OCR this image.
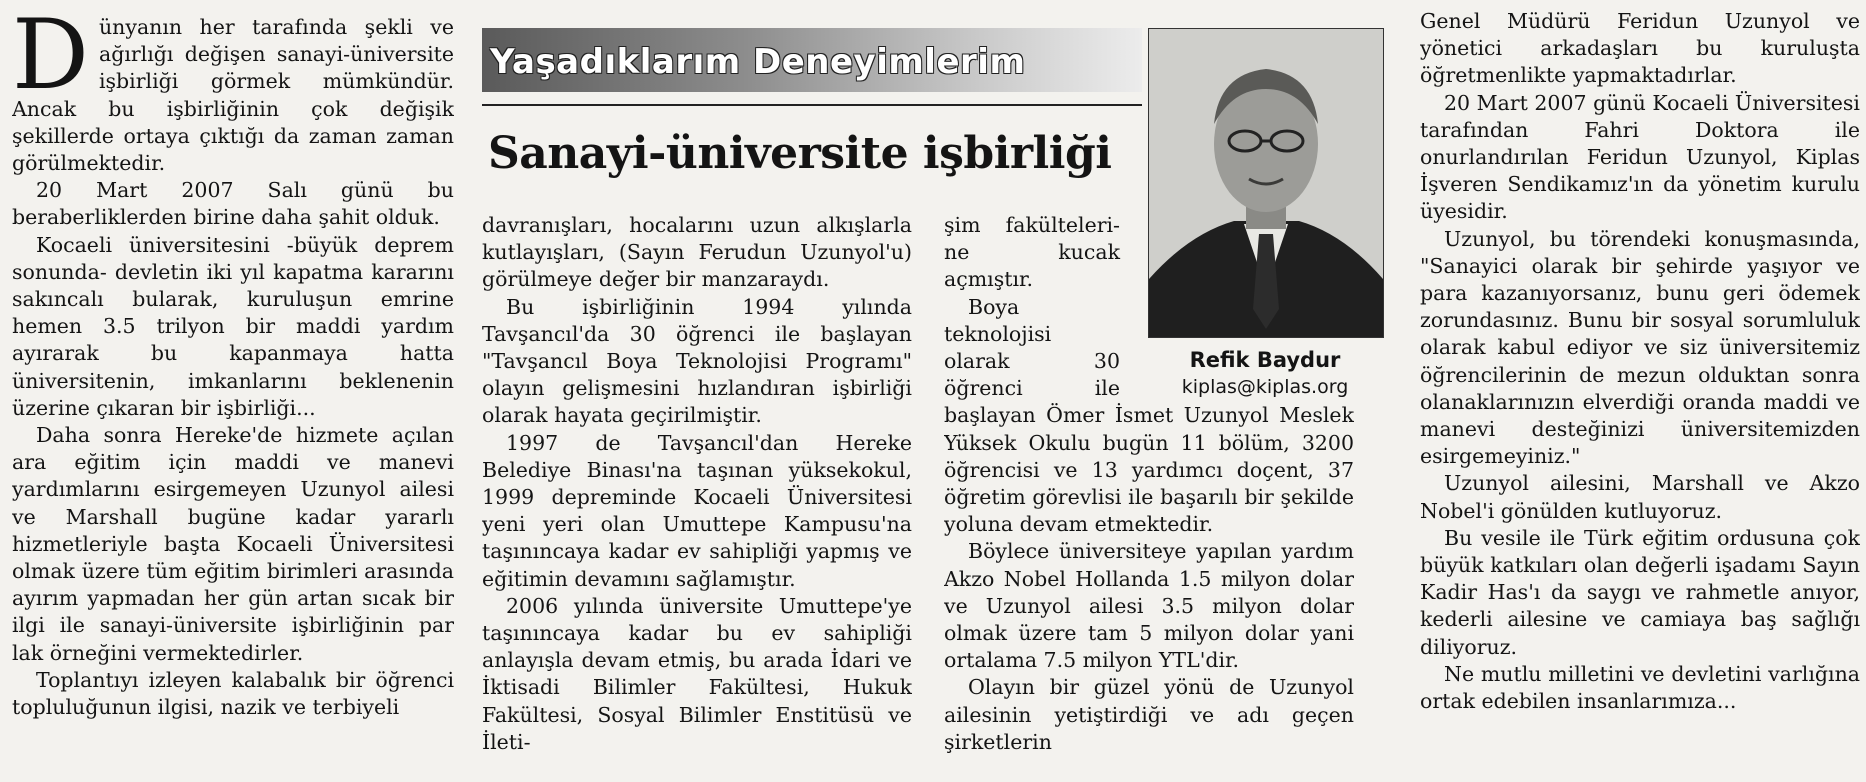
D ünyanın her tarafında şekli ve ağırlığı değişen sanayi-üniversite işbirliği görmek mümkündür. Ancak bu işbirliğinin çok değişik şekillerde ortaya çıktığı da zaman zaman görülmektedir.

20 Mart 2007 Salı günü bu beraberliklerden birine daha şahit olduk.

Kocaeli üniversitesini -büyük deprem sonunda- devletin iki yıl kapatma kararını sakıncalı bularak, kuruluşun emrine hemen 3.5 trilyon bir maddi yardım ayırarak bu kapanmaya hatta üniversitenin, imkanlarını beklenenin üzerine çıkaran bir işbirliği...

Daha sonra Hereke'de hizmete açılan ara eğitim için maddi ve manevi yardımlarını esirgemeyen Uzunyol ailesi ve Marshall bugüne kadar yararlı hizmetleriyle başta Kocaeli Üniversitesi olmak üzere tüm eğitim birimleri arasında ayırım yapmadan her gün artan sıcak bir ilgi ile sanayi-üniversite işbirliğinin par lak örneğini vermektedirler.

Toplantıyı izleyen kalabalık bir öğrenci topluluğunun ilgisi, nazik ve terbiyeli

Yaşadıklarım Deneyimlerim
Sanayi-üniversite işbirliği

davranışları, hocalarını uzun alkışlarla kutlayışları, (Sayın Ferudun Uzunyol'u) görülmeye değer bir manzaraydı.

Bu işbirliğinin 1994 yılında Tavşancıl'da 30 öğrenci ile başlayan "Tavşancıl Boya Teknolojisi Programı" olayın gelişmesini hızlandıran işbirliği olarak hayata geçirilmiştir.

1997 de Tavşancıl'dan Hereke Belediye Binası'na taşınan yüksekokul, 1999 depreminde Kocaeli Üniversitesi yeni yeri olan Umuttepe Kampusu'na taşınıncaya kadar ev sahipliği yapmış ve eğitimin devamını sağlamıştır.

2006 yılında üniversite Umuttepe'ye taşınıncaya kadar bu ev sahipliği anlayışla devam etmiş, bu arada İdari ve İktisadi Bilimler Fakültesi, Hukuk Fakültesi, Sosyal Bilimler Enstitüsü ve İleti-

şim fakülteleri-ne kucak açmıştır.

Boya teknolojisi olarak 30 öğrenci ile başlayan Ömer İsmet Uzunyol Meslek Yüksek Okulu bugün 11 bölüm, 3200 öğrencisi ve 13 yardımcı doçent, 37 öğretim görevlisi ile başarılı bir şekilde yoluna devam etmektedir.

Böylece üniversiteye yapılan yardım Akzo Nobel Hollanda 1.5 milyon dolar ve Uzunyol ailesi 3.5 milyon dolar olmak üzere tam 5 milyon dolar yani ortalama 7.5 milyon YTL'dir.

Olayın bir güzel yönü de Uzunyol ailesinin yetiştirdiği ve adı geçen şirketlerin

Refik Baydur
kiplas@kiplas.org

Genel Müdürü Feridun Uzunyol ve yönetici arkadaşları bu kuruluşta öğretmenlikte yapmaktadırlar.

20 Mart 2007 günü Kocaeli Üniversitesi tarafından Fahri Doktora ile onurlandırılan Feridun Uzunyol, Kiplas İşveren Sendikamız'ın da yönetim kurulu üyesidir.

Uzunyol, bu törendeki konuşmasında, "Sanayici olarak bir şehirde yaşıyor ve para kazanıyorsanız, bunu geri ödemek zorundasınız. Bunu bir sosyal sorumluluk olarak kabul ediyor ve siz üniversitemiz öğrencilerinin de mezun olduktan sonra olanaklarınızın elverdiği oranda maddi ve manevi desteğinizi üniversitemizden esirgemeyiniz."

Uzunyol ailesini, Marshall ve Akzo Nobel'i gönülden kutluyoruz.

Bu vesile ile Türk eğitim ordusuna çok büyük katkıları olan değerli işadamı Sayın Kadir Has'ı da saygı ve rahmetle anıyor, kederli ailesine ve camiaya baş sağlığı diliyoruz.

Ne mutlu milletini ve devletini varlığına ortak edebilen insanlarımıza...
